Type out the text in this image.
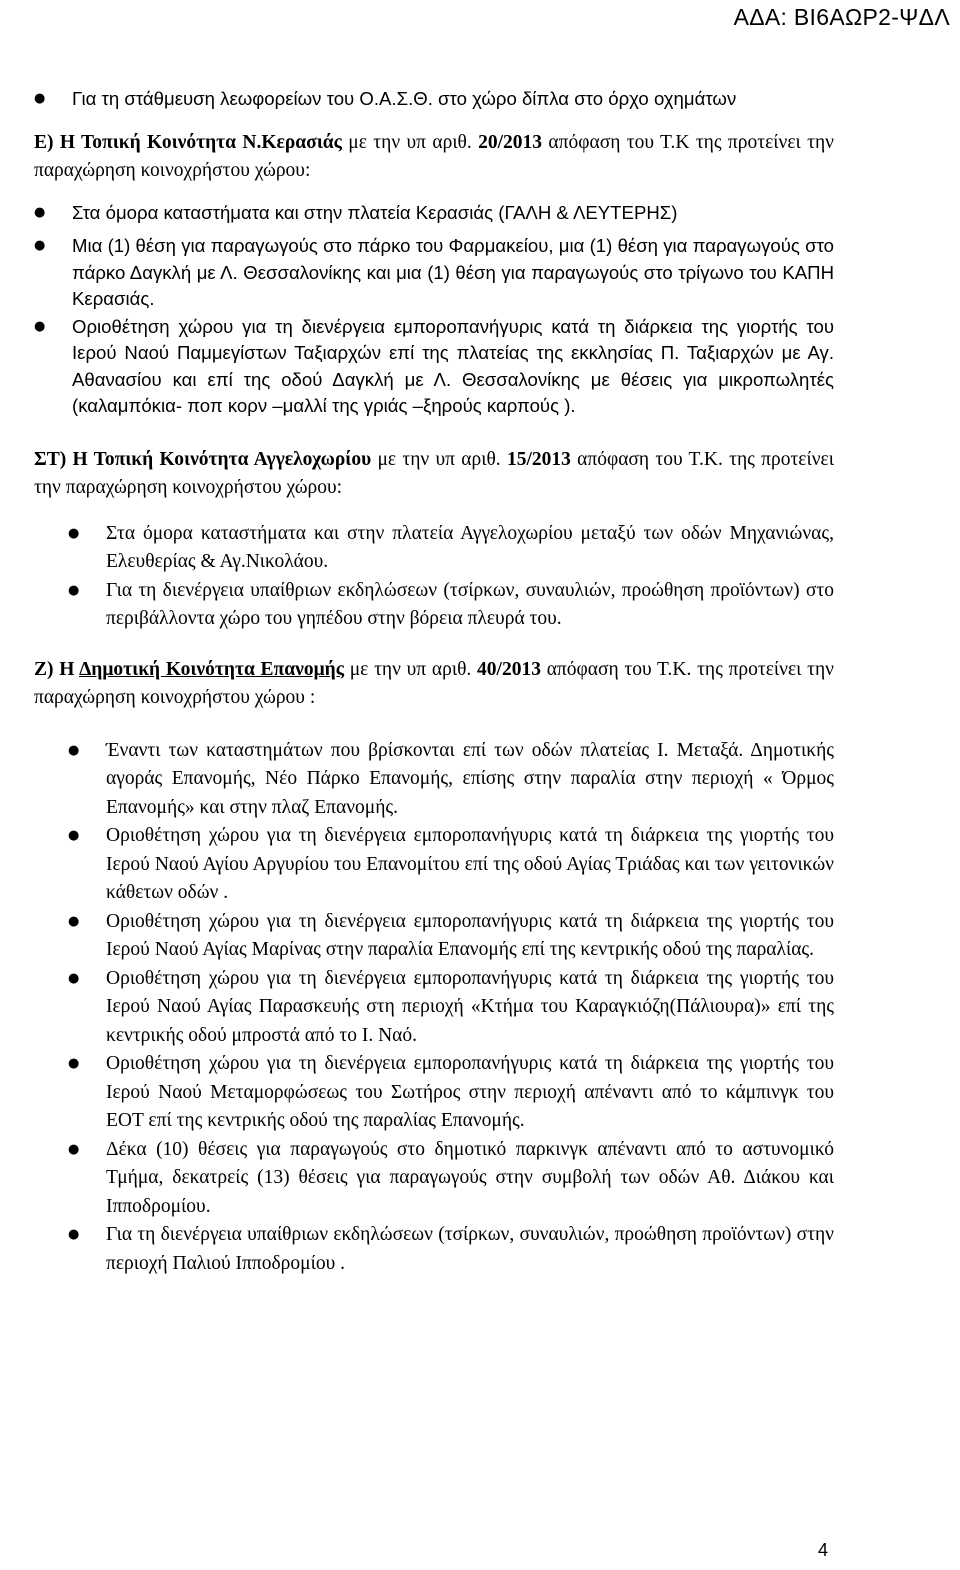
ΑΔΑ: ΒΙ6ΑΩΡ2-ΨΔΛ
● Για τη στάθμευση λεωφορείων του Ο.Α.Σ.Θ. στο χώρο δίπλα στο όρχο οχημάτων

Ε) Η Τοπική Κοινότητα Ν.Κερασιάς με την υπ αριθ. 20/2013 απόφαση του Τ.Κ της προτείνει την παραχώρηση κοινοχρήστου χώρου:

● Στα όμορα καταστήματα και στην πλατεία Κερασιάς (ΓΑΛΗ & ΛΕΥΤΕΡΗΣ)
● Μια (1) θέση για παραγωγούς στο πάρκο του Φαρμακείου, μια (1) θέση για παραγωγούς στο πάρκο Δαγκλή με Λ. Θεσσαλονίκης και μια (1) θέση για παραγωγούς στο τρίγωνο του ΚΑΠΗ Κερασιάς.
● Οριοθέτηση χώρου για τη διενέργεια εμποροπανήγυρις κατά τη διάρκεια της γιορτής του Ιερού Ναού Παμμεγίστων Ταξιαρχών επί της πλατείας της εκκλησίας Π. Ταξιαρχών με Αγ. Αθανασίου και επί της οδού Δαγκλή με Λ. Θεσσαλονίκης με θέσεις για μικροπωλητές (καλαμπόκια- ποπ κορν –μαλλί της γριάς –ξηρούς καρπούς ).

ΣΤ) Η Τοπική Κοινότητα Αγγελοχωρίου με την υπ αριθ. 15/2013 απόφαση του Τ.Κ. της προτείνει την παραχώρηση κοινοχρήστου χώρου:

● Στα όμορα καταστήματα και στην πλατεία Αγγελοχωρίου μεταξύ των οδών Μηχανιώνας, Ελευθερίας & Αγ.Νικολάου.
● Για τη διενέργεια υπαίθριων εκδηλώσεων (τσίρκων, συναυλιών, προώθηση προϊόντων) στο περιβάλλοντα χώρο του γηπέδου στην βόρεια πλευρά του.

Ζ) Η Δημοτική Κοινότητα Επανομής με την υπ αριθ. 40/2013 απόφαση του Τ.Κ. της προτείνει την παραχώρηση κοινοχρήστου χώρου :

● Έναντι των καταστημάτων που βρίσκονται επί των οδών πλατείας Ι. Μεταξά. Δημοτικής αγοράς Επανομής, Νέο Πάρκο Επανομής, επίσης στην παραλία στην περιοχή « Όρμος Επανομής» και στην πλαζ Επανομής.
● Οριοθέτηση χώρου για τη διενέργεια εμποροπανήγυρις κατά τη διάρκεια της γιορτής του Ιερού Ναού Αγίου Αργυρίου του Επανομίτου επί της οδού Αγίας Τριάδας και των γειτονικών κάθετων οδών .
● Οριοθέτηση χώρου για τη διενέργεια εμποροπανήγυρις κατά τη διάρκεια της γιορτής του Ιερού Ναού Αγίας Μαρίνας στην παραλία Επανομής επί της κεντρικής οδού της παραλίας.
● Οριοθέτηση χώρου για τη διενέργεια εμποροπανήγυρις κατά τη διάρκεια της γιορτής του Ιερού Ναού Αγίας Παρασκευής στη περιοχή «Κτήμα του Καραγκιόζη(Πάλιουρα)» επί της κεντρικής οδού μπροστά από το Ι. Ναό.
● Οριοθέτηση χώρου για τη διενέργεια εμποροπανήγυρις κατά τη διάρκεια της γιορτής του Ιερού Ναού Μεταμορφώσεως του Σωτήρος στην περιοχή απέναντι από το κάμπινγκ του ΕΟΤ επί της κεντρικής οδού της παραλίας Επανομής.
● Δέκα (10) θέσεις για παραγωγούς στο δημοτικό παρκινγκ απέναντι από το αστυνομικό Τμήμα, δεκατρείς (13) θέσεις για παραγωγούς στην συμβολή των οδών Αθ. Διάκου και Ιπποδρομίου.
● Για τη διενέργεια υπαίθριων εκδηλώσεων (τσίρκων, συναυλιών, προώθηση προϊόντων) στην περιοχή Παλιού Ιπποδρομίου .
4
